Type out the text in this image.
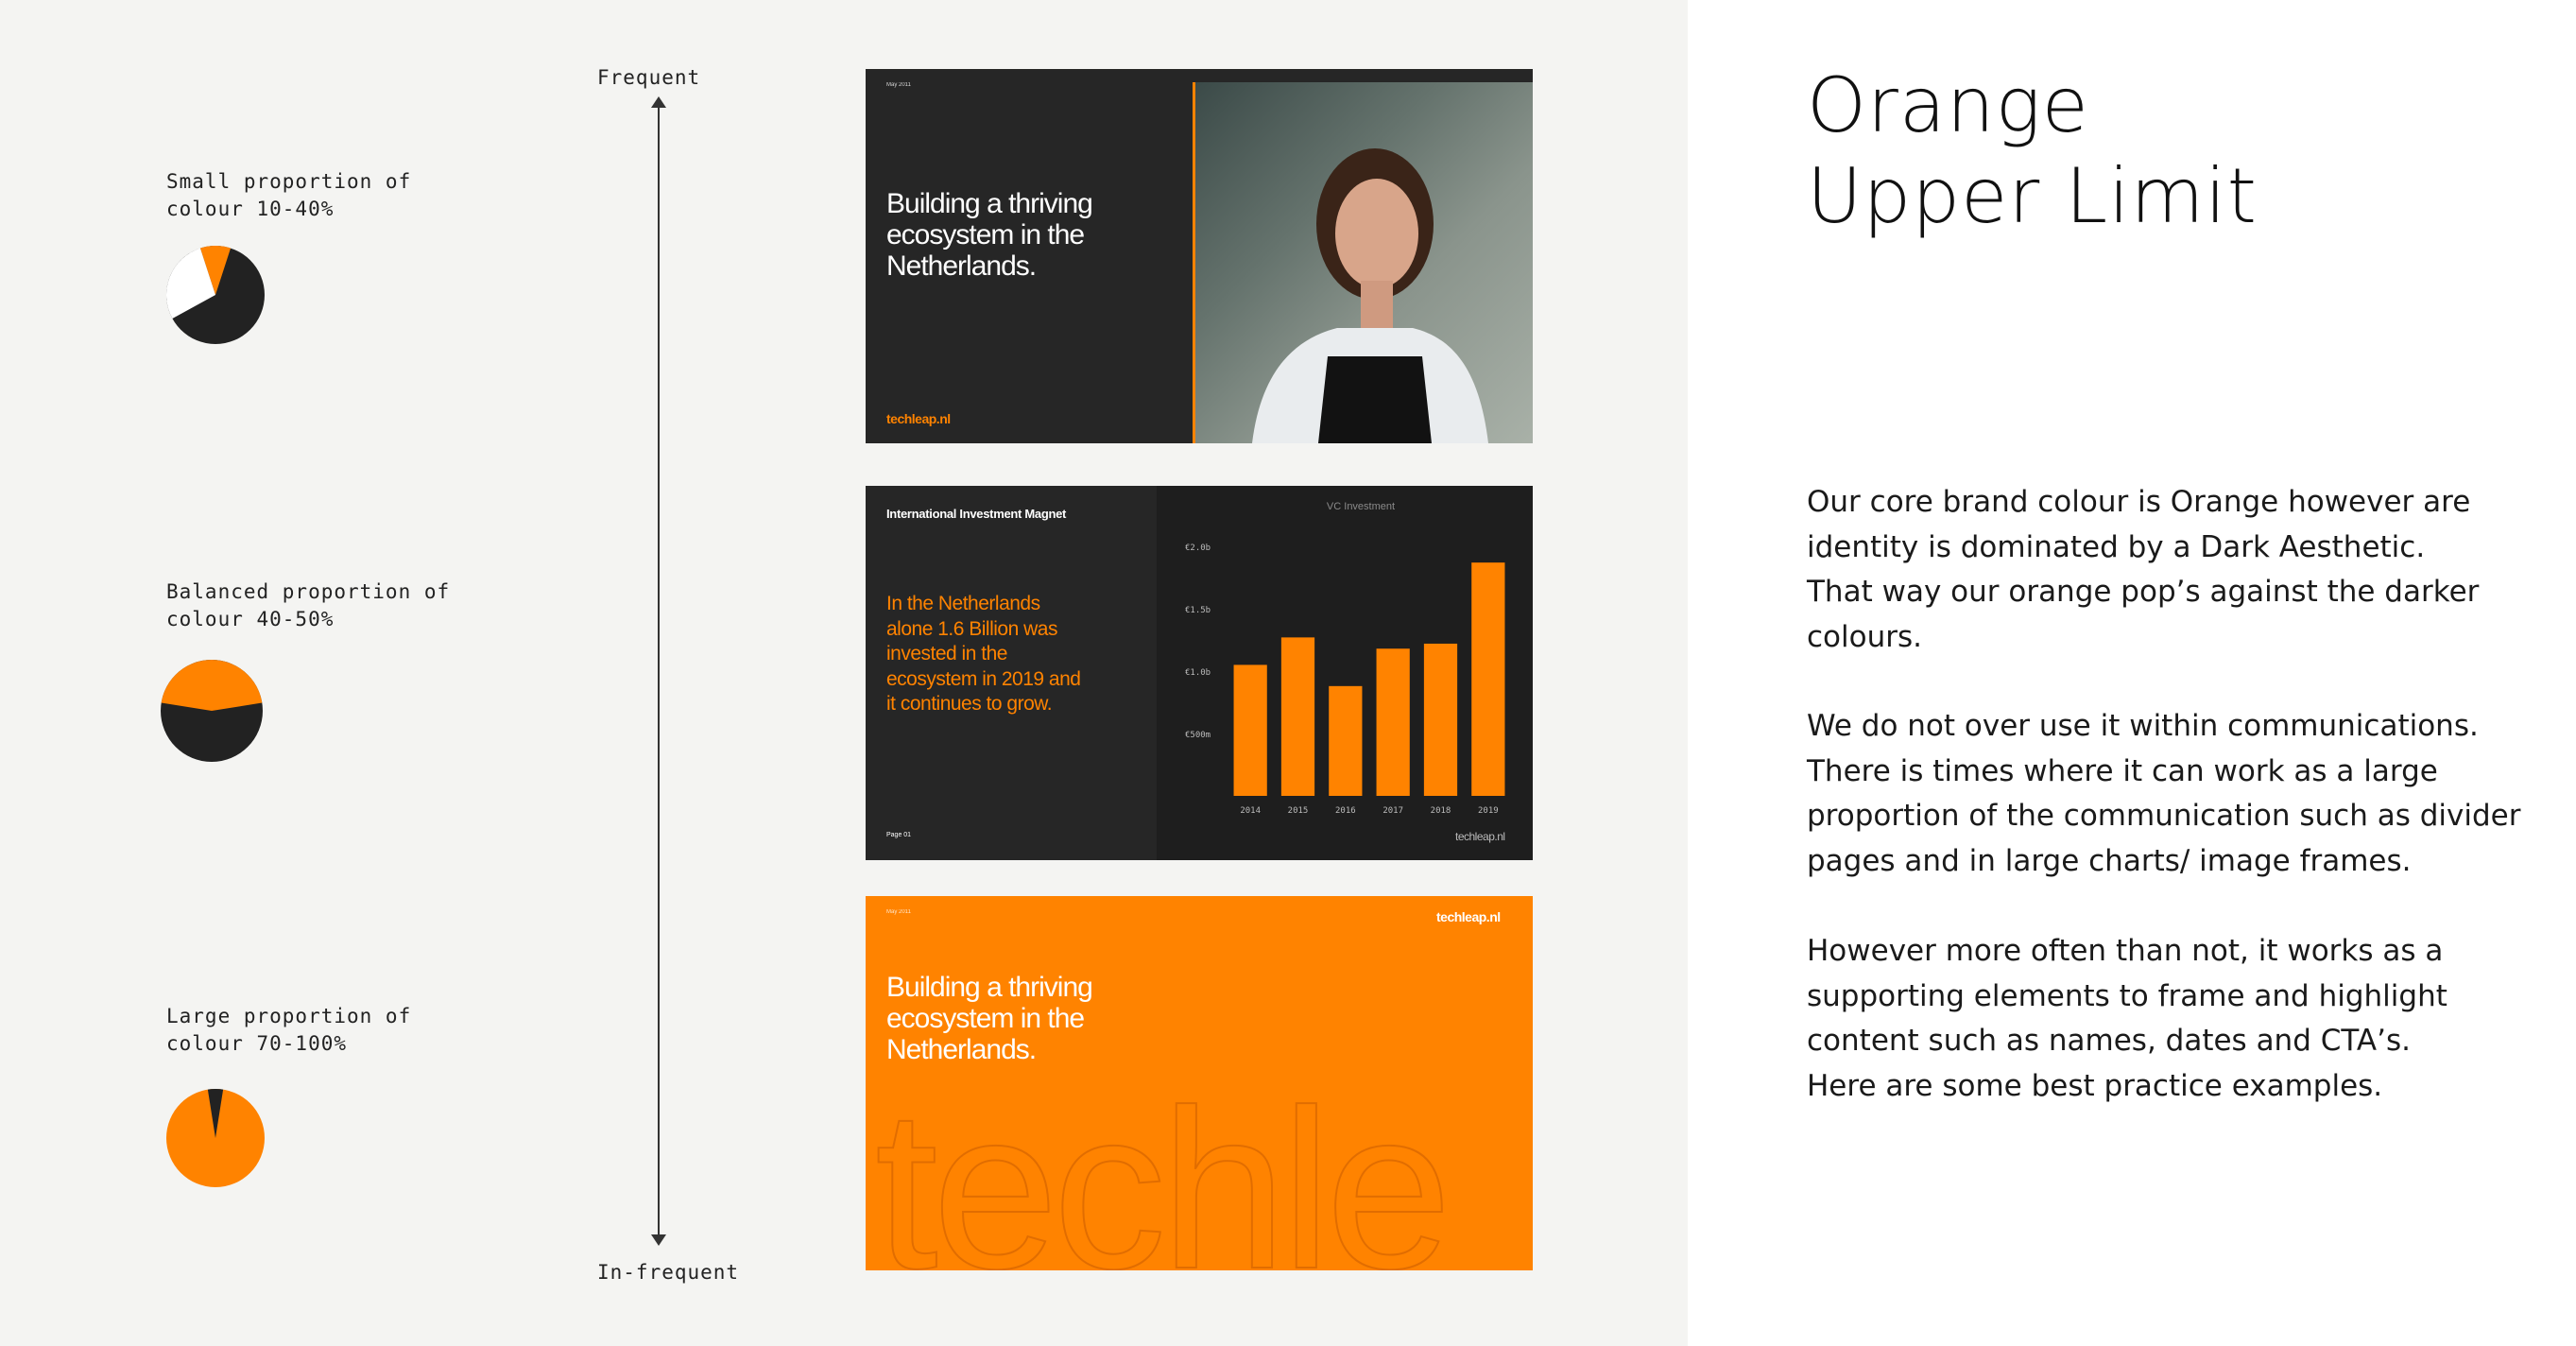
Small proportion of
colour 10-40%
Balanced proportion of
colour 40-50%
Large proportion of
colour 70-100%
Frequent
In-frequent
May 2011
Building a thriving ecosystem in the Netherlands.
techleap.nl
International Investment Magnet
In the Netherlands alone 1.6 Billion was invested in the ecosystem in 2019 and it continues to grow.
Page 01
VC Investment
€2.0b
€1.5b
€1.0b
€500m
2014	2015	2016	2017	2018	2019
techleap.nl
May 2011	techleap.nl
Building a thriving ecosystem in the Netherlands.
techle
Orange
Upper Limit
Our core brand colour is Orange however are identity is dominated by a Dark Aesthetic.
That way our orange pop’s against the darker colours.
We do not over use it within communications. There is times where it can work as a large proportion of the communication such as divider pages and in large charts/ image frames.
However more often than not, it works as a supporting elements to frame and highlight content such as names, dates and CTA’s.
Here are some best practice examples.
